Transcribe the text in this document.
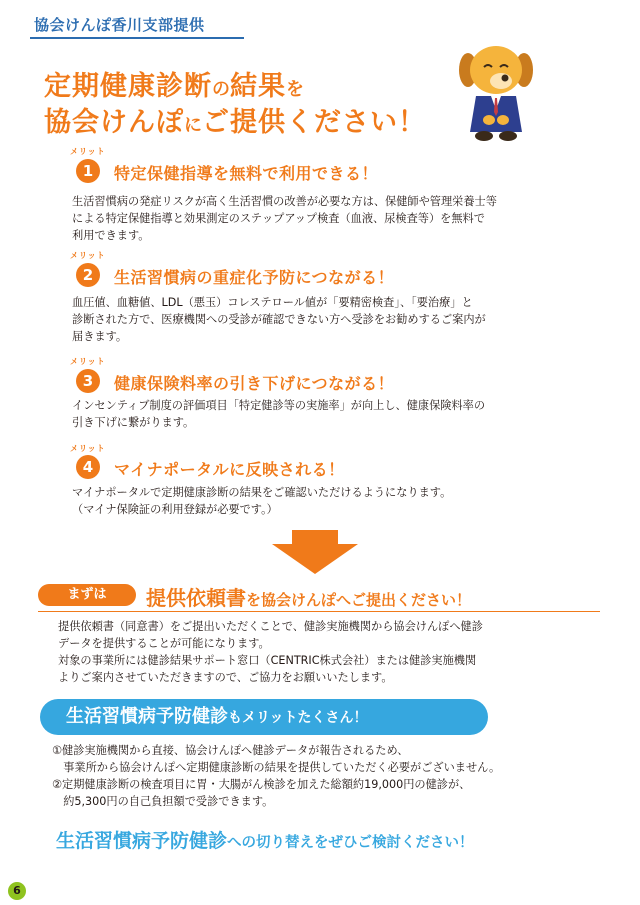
協会けんぽ香川支部提供
定期健康診断の結果を
協会けんぽにご提供ください！
メリット
1	特定保健指導を無料で利用できる！
生活習慣病の発症リスクが高く生活習慣の改善が必要な方は、保健師や管理栄養士等
による特定保健指導と効果測定のステップアップ検査（血液、尿検査等）を無料で
利用できます。
メリット
2	生活習慣病の重症化予防につながる！
血圧値、血糖値、LDL（悪玉）コレステロール値が「要精密検査」、「要治療」と
診断された方で、医療機関への受診が確認できない方へ受診をお勧めするご案内が
届きます。
メリット
3	健康保険料率の引き下げにつながる！
インセンティブ制度の評価項目「特定健診等の実施率」が向上し、健康保険料率の
引き下げに繋がります。
メリット
4	マイナポータルに反映される！
マイナポータルで定期健康診断の結果をご確認いただけるようになります。
（マイナ保険証の利用登録が必要です。）
まずは	提供依頼書を協会けんぽへご提出ください！
提供依頼書（同意書）をご提出いただくことで、健診実施機関から協会けんぽへ健診
データを提供することが可能になります。
対象の事業所には健診結果サポート窓口（CENTRIC株式会社）または健診実施機関
よりご案内させていただきますので、ご協力をお願いいたします。
生活習慣病予防健診もメリットたくさん！
①健診実施機関から直接、協会けんぽへ健診データが報告されるため、
　事業所から協会けんぽへ定期健康診断の結果を提供していただく必要がございません。
②定期健康診断の検査項目に胃・大腸がん検診を加えた総額約19,000円の健診が、
　約5,300円の自己負担額で受診できます。
生活習慣病予防健診への切り替えをぜひご検討ください！
6
